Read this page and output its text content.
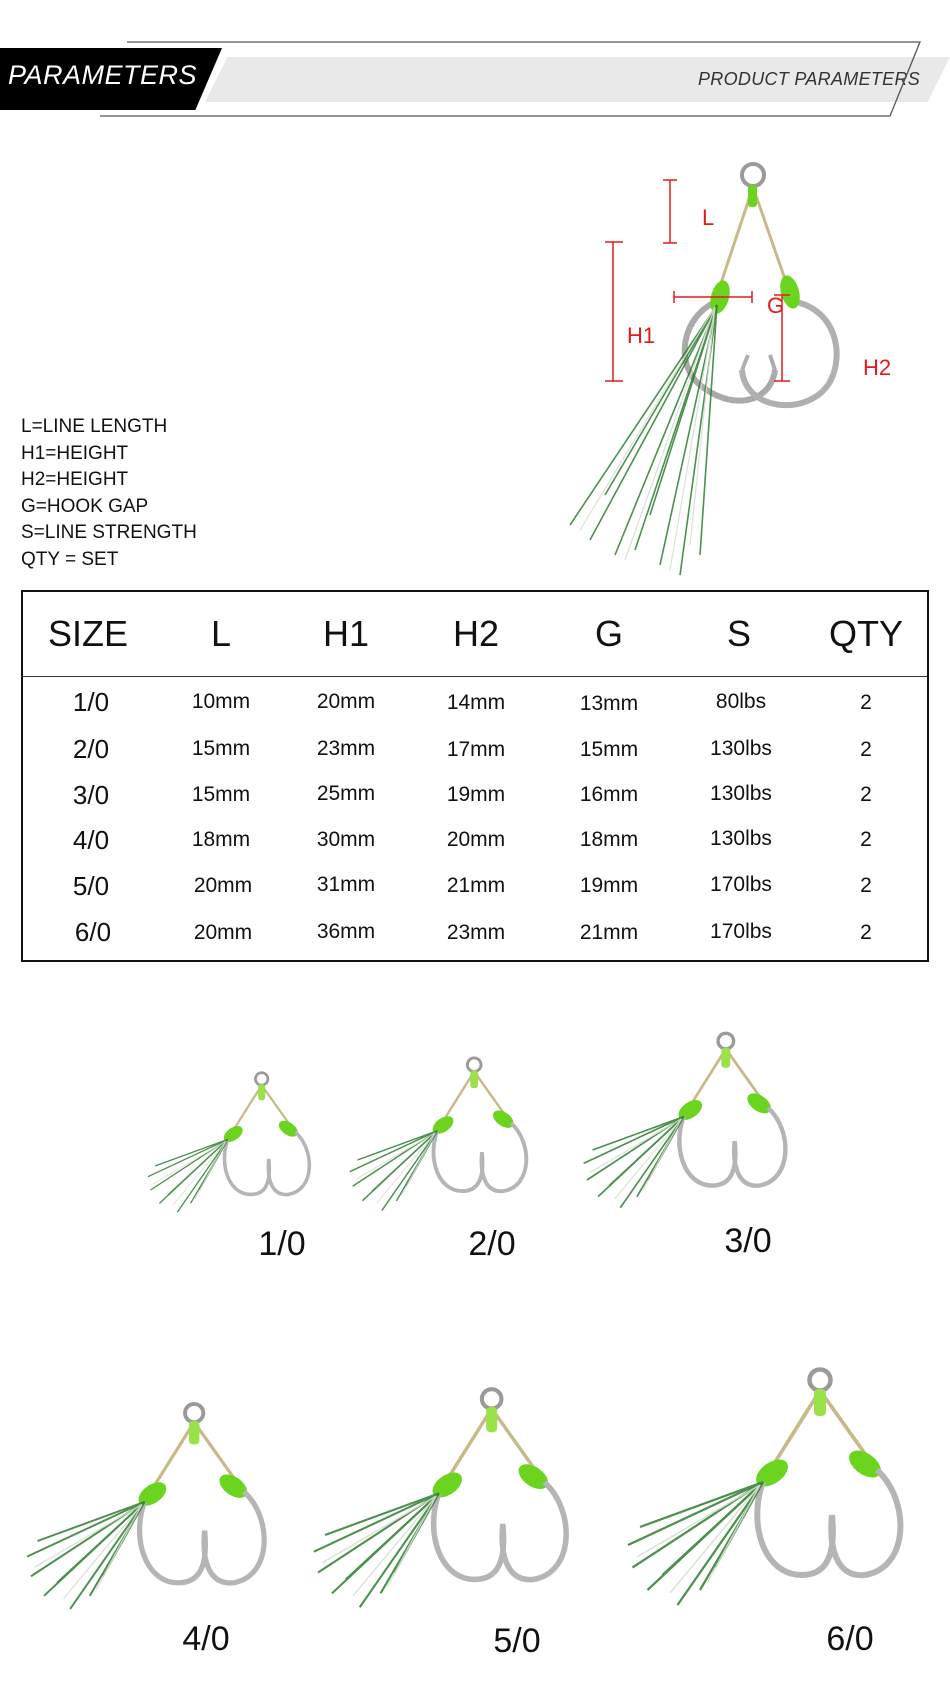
PARAMETERS	PRODUCT PARAMETERS
L
H1
G
H2
L=LINE LENGTH
H1=HEIGHT
H2=HEIGHT
G=HOOK GAP
S=LINE STRENGTH
QTY = SET
SIZE	L	H1	H2	G	S	QTY
1/0	10mm	20mm	14mm	13mm	80lbs	2
2/0	15mm	23mm	17mm	15mm	130lbs	2
3/0	15mm	25mm	19mm	16mm	130lbs	2
4/0	18mm	30mm	20mm	18mm	130lbs	2
5/0	20mm	31mm	21mm	19mm	170lbs	2
6/0	20mm	36mm	23mm	21mm	170lbs	2
1/0	2/0	3/0
4/0	5/0	6/0
